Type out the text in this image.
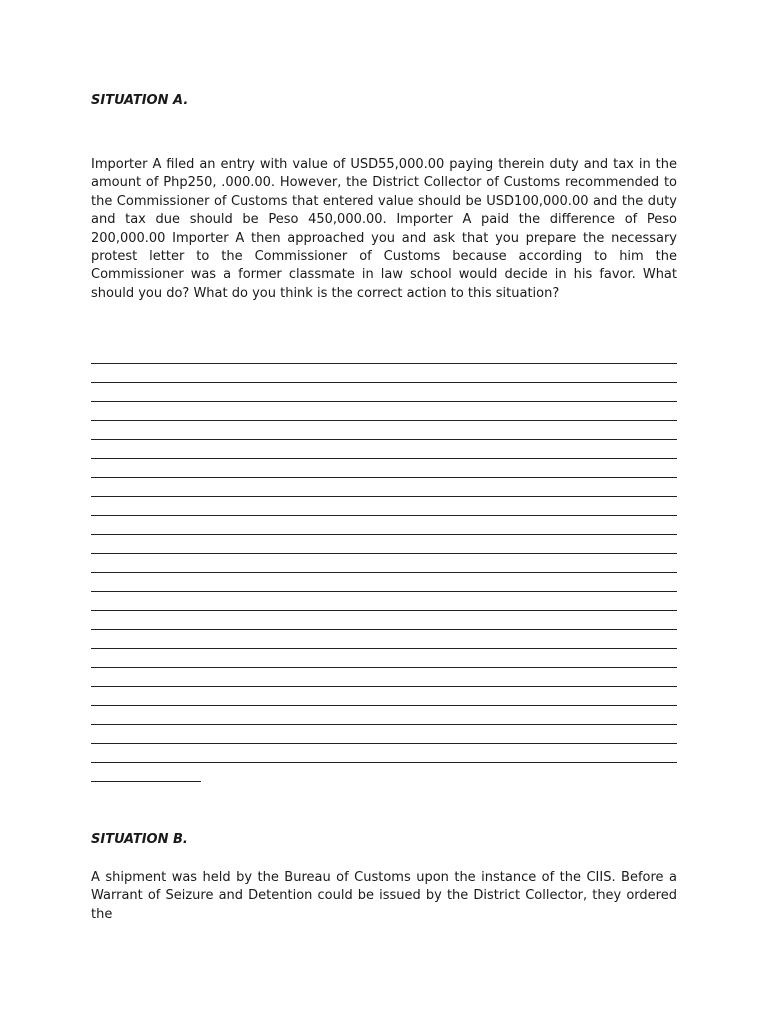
SITUATION A.

Importer A filed an entry with value of USD55,000.00 paying therein duty and tax in the amount of Php250, .000.00. However, the District Collector of Customs recommended to the Commissioner of Customs that entered value should be USD100,000.00 and the duty and tax due should be Peso 450,000.00. Importer A paid the difference of Peso 200,000.00 Importer A then approached you and ask that you prepare the necessary protest letter to the Commissioner of Customs because according to him the Commissioner was a former classmate in law school would decide in his favor. What should you do? What do you think is the correct action to this situation?

SITUATION B.

A shipment was held by the Bureau of Customs upon the instance of the CIIS. Before a Warrant of Seizure and Detention could be issued by the District Collector, they ordered the
